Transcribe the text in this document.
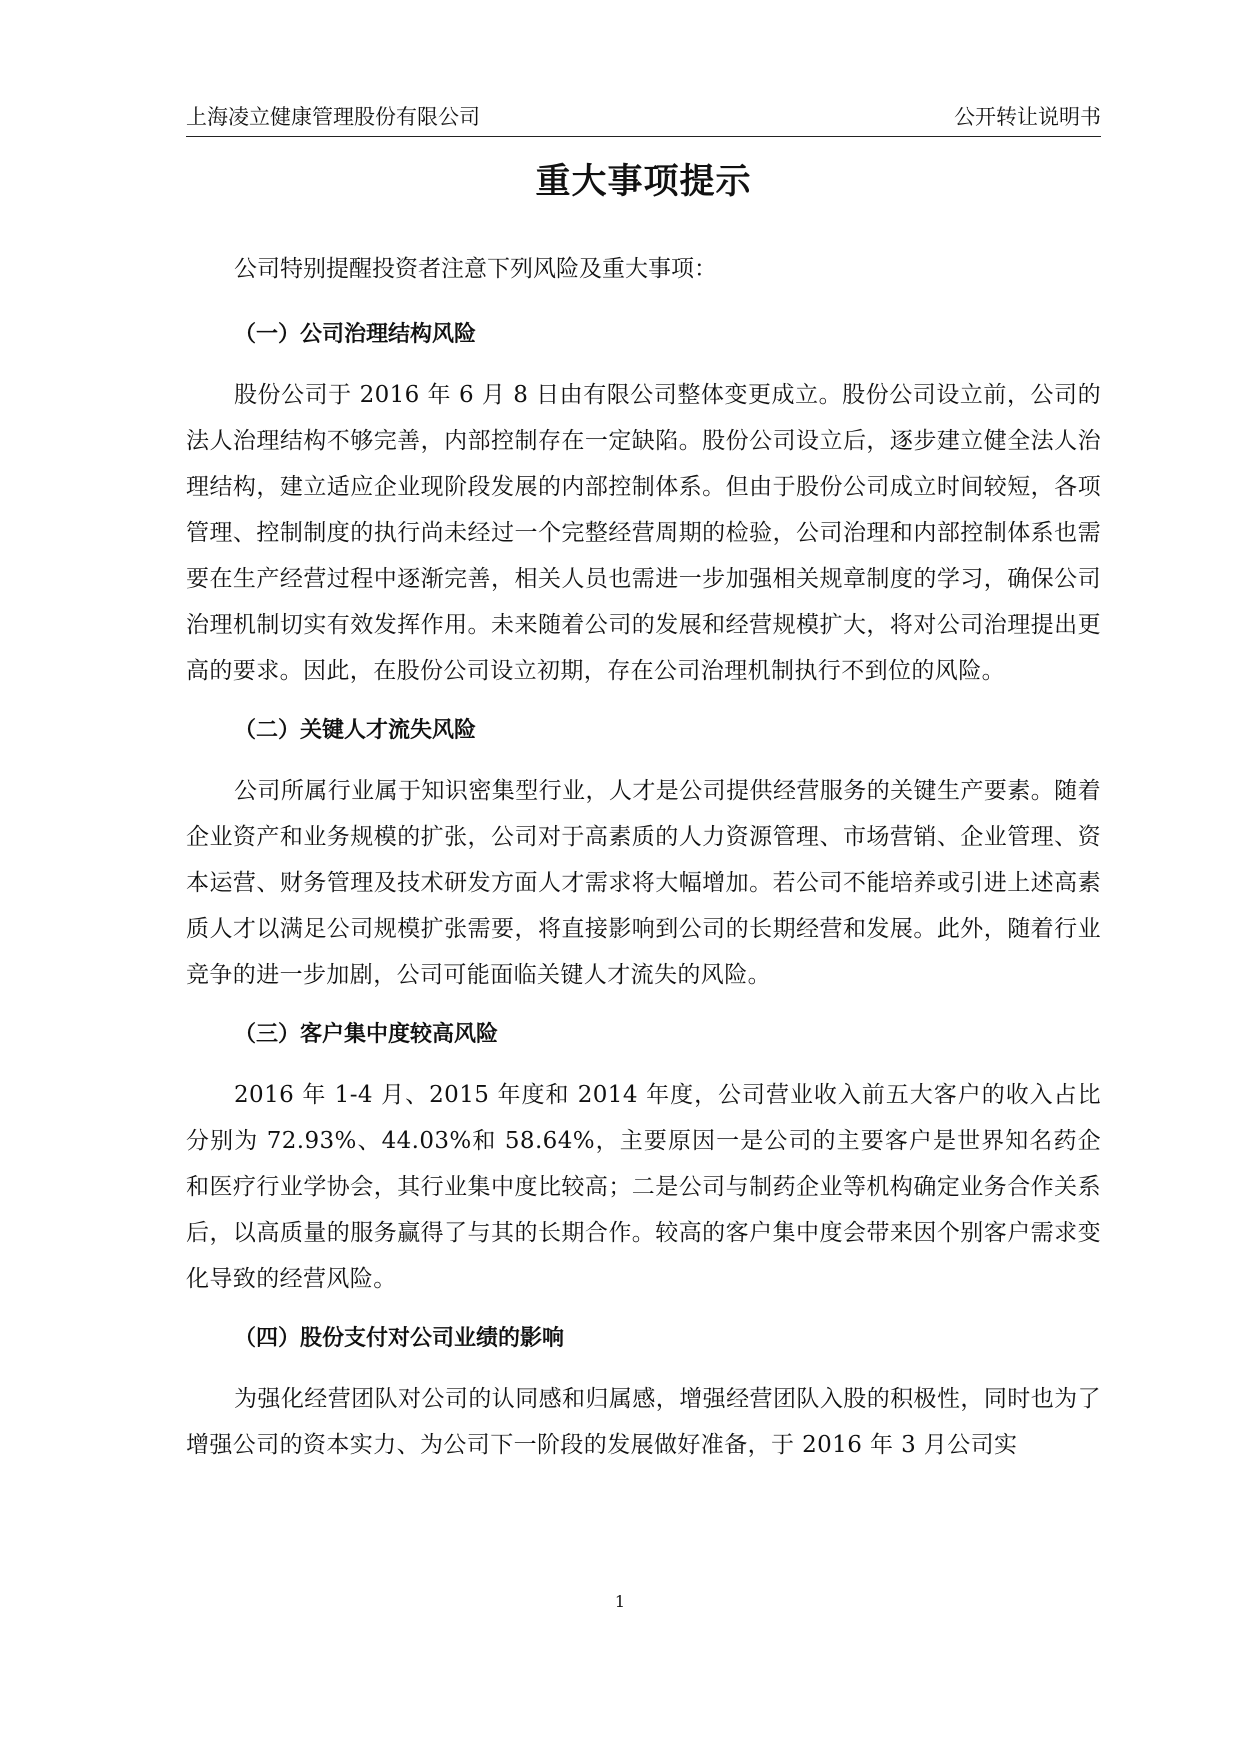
上海凌立健康管理股份有限公司	公开转让说明书
重大事项提示

公司特别提醒投资者注意下列风险及重大事项：

（一）公司治理结构风险

股份公司于 2016 年 6 月 8 日由有限公司整体变更成立。股份公司设立前，公司的法人治理结构不够完善，内部控制存在一定缺陷。股份公司设立后，逐步建立健全法人治理结构，建立适应企业现阶段发展的内部控制体系。但由于股份公司成立时间较短，各项管理、控制制度的执行尚未经过一个完整经营周期的检验，公司治理和内部控制体系也需要在生产经营过程中逐渐完善，相关人员也需进一步加强相关规章制度的学习，确保公司治理机制切实有效发挥作用。未来随着公司的发展和经营规模扩大，将对公司治理提出更高的要求。因此，在股份公司设立初期，存在公司治理机制执行不到位的风险。

（二）关键人才流失风险

公司所属行业属于知识密集型行业，人才是公司提供经营服务的关键生产要素。随着企业资产和业务规模的扩张，公司对于高素质的人力资源管理、市场营销、企业管理、资本运营、财务管理及技术研发方面人才需求将大幅增加。若公司不能培养或引进上述高素质人才以满足公司规模扩张需要，将直接影响到公司的长期经营和发展。此外，随着行业竞争的进一步加剧，公司可能面临关键人才流失的风险。

（三）客户集中度较高风险

2016 年 1-4 月、2015 年度和 2014 年度，公司营业收入前五大客户的收入占比分别为 72.93%、44.03%和 58.64%，主要原因一是公司的主要客户是世界知名药企和医疗行业学协会，其行业集中度比较高；二是公司与制药企业等机构确定业务合作关系后，以高质量的服务赢得了与其的长期合作。较高的客户集中度会带来因个别客户需求变化导致的经营风险。

（四）股份支付对公司业绩的影响

为强化经营团队对公司的认同感和归属感，增强经营团队入股的积极性，同时也为了增强公司的资本实力、为公司下一阶段的发展做好准备，于 2016 年 3 月公司实

1
